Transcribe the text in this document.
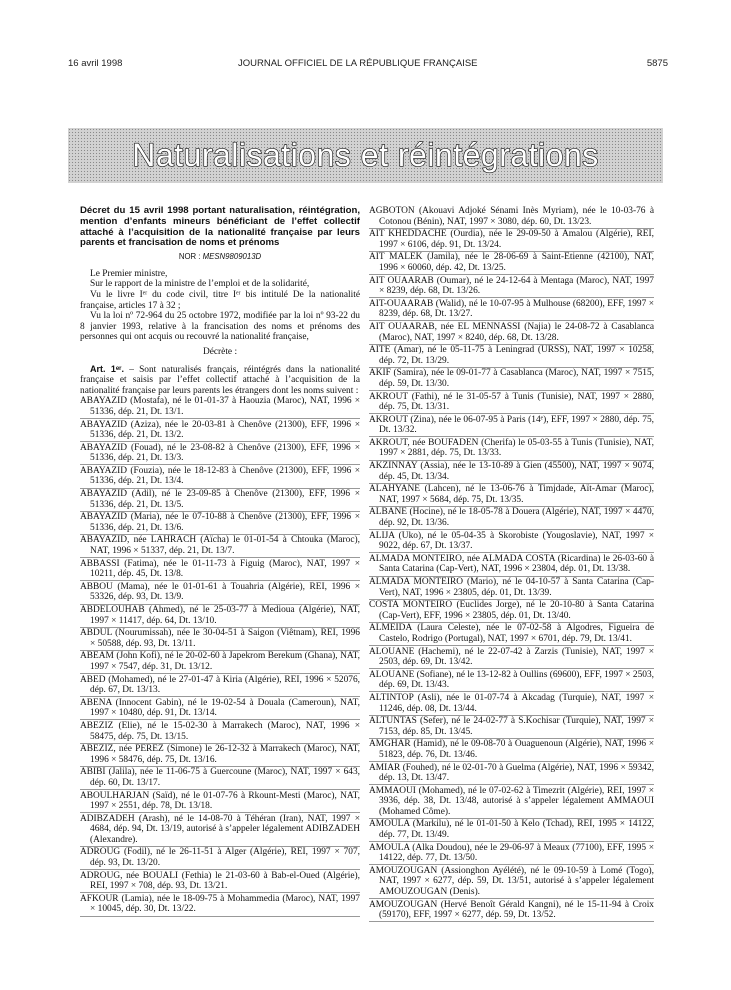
16 avril 1998	JOURNAL OFFICIEL DE LA RÉPUBLIQUE FRANÇAISE	5875
Naturalisations et réintégrations

Décret du 15 avril 1998 portant naturalisation, réintégration, mention d’enfants mineurs bénéficiant de l’effet collectif attaché à l’acquisition de la nationalité française par leurs parents et francisation de noms et prénoms

NOR : MESN9809013D

Le Premier ministre,

Sur le rapport de la ministre de l’emploi et de la solidarité,

Vu le livre Iᵉʳ du code civil, titre Iᵉʳ bis intitulé De la nationalité française, articles 17 à 32 ;

Vu la loi nº 72-964 du 25 octobre 1972, modifiée par la loi nº 93-22 du 8 janvier 1993, relative à la francisation des noms et prénoms des personnes qui ont acquis ou recouvré la nationalité française,

Décrète :

Art. 1ᵉʳ. – Sont naturalisés français, réintégrés dans la nationalité française et saisis par l’effet collectif attaché à l’acquisition de la nationalité française par leurs parents les étrangers dont les noms suivent :

ABAYAZID (Mostafa), né le 01-01-37 à Haouzia (Maroc), NAT, 1996 × 51336, dép. 21, Dt. 13/1.

ABAYAZID (Aziza), née le 20-03-81 à Chenôve (21300), EFF, 1996 × 51336, dép. 21, Dt. 13/2.

ABAYAZID (Fouad), né le 23-08-82 à Chenôve (21300), EFF, 1996 × 51336, dép. 21, Dt. 13/3.

ABAYAZID (Fouzia), née le 18-12-83 à Chenôve (21300), EFF, 1996 × 51336, dép. 21, Dt. 13/4.

ABAYAZID (Adil), né le 23-09-85 à Chenôve (21300), EFF, 1996 × 51336, dép. 21, Dt. 13/5.

ABAYAZID (Maria), née le 07-10-88 à Chenôve (21300), EFF, 1996 × 51336, dép. 21, Dt. 13/6.

ABAYAZID, née LAHRACH (Aïcha) le 01-01-54 à Chtouka (Maroc), NAT, 1996 × 51337, dép. 21, Dt. 13/7.

ABBASSI (Fatima), née le 01-11-73 à Figuig (Maroc), NAT, 1997 × 10211, dép. 45, Dt. 13/8.

ABBOU (Mama), née le 01-01-61 à Touahria (Algérie), REI, 1996 × 53326, dép. 93, Dt. 13/9.

ABDELOUHAB (Ahmed), né le 25-03-77 à Medioua (Algérie), NAT, 1997 × 11417, dép. 64, Dt. 13/10.

ABDUL (Nourumissah), née le 30-04-51 à Saigon (Viêtnam), REI, 1996 × 50588, dép. 93, Dt. 13/11.

ABEAM (John Kofi), né le 20-02-60 à Japekrom Berekum (Ghana), NAT, 1997 × 7547, dép. 31, Dt. 13/12.

ABED (Mohamed), né le 27-01-47 à Kiria (Algérie), REI, 1996 × 52076, dép. 67, Dt. 13/13.

ABENA (Innocent Gabin), né le 19-02-54 à Douala (Cameroun), NAT, 1997 × 10480, dép. 91, Dt. 13/14.

ABEZIZ (Elie), né le 15-02-30 à Marrakech (Maroc), NAT, 1996 × 58475, dép. 75, Dt. 13/15.

ABEZIZ, née PEREZ (Simone) le 26-12-32 à Marrakech (Maroc), NAT, 1996 × 58476, dép. 75, Dt. 13/16.

ABIBI (Jalila), née le 11-06-75 à Guercoune (Maroc), NAT, 1997 × 643, dép. 60, Dt. 13/17.

ABOULHARJAN (Saïd), né le 01-07-76 à Rkount-Mesti (Maroc), NAT, 1997 × 2551, dép. 78, Dt. 13/18.

ADIBZADEH (Arash), né le 14-08-70 à Téhéran (Iran), NAT, 1997 × 4684, dép. 94, Dt. 13/19, autorisé à s’appeler légalement ADIBZADEH (Alexandre).

ADROUG (Fodil), né le 26-11-51 à Alger (Algérie), REI, 1997 × 707, dép. 93, Dt. 13/20.

ADROUG, née BOUALI (Fethia) le 21-03-60 à Bab-el-Oued (Algérie), REI, 1997 × 708, dép. 93, Dt. 13/21.

AFKOUR (Lamia), née le 18-09-75 à Mohammedia (Maroc), NAT, 1997 × 10045, dép. 30, Dt. 13/22.

AGBOTON (Akouavi Adjoké Sénami Inès Myriam), née le 10-03-76 à Cotonou (Bénin), NAT, 1997 × 3080, dép. 60, Dt. 13/23.

AIT KHEDDACHE (Ourdia), née le 29-09-50 à Amalou (Algérie), REI, 1997 × 6106, dép. 91, Dt. 13/24.

AIT MALEK (Jamila), née le 28-06-69 à Saint-Etienne (42100), NAT, 1996 × 60060, dép. 42, Dt. 13/25.

AIT OUAARAB (Oumar), né le 24-12-64 à Mentaga (Maroc), NAT, 1997 × 8239, dép. 68, Dt. 13/26.

AIT-OUAARAB (Walid), né le 10-07-95 à Mulhouse (68200), EFF, 1997 × 8239, dép. 68, Dt. 13/27.

AIT OUAARAB, née EL MENNASSI (Najia) le 24-08-72 à Casablanca (Maroc), NAT, 1997 × 8240, dép. 68, Dt. 13/28.

AITE (Amar), né le 05-11-75 à Leningrad (URSS), NAT, 1997 × 10258, dép. 72, Dt. 13/29.

AKIF (Samira), née le 09-01-77 à Casablanca (Maroc), NAT, 1997 × 7515, dép. 59, Dt. 13/30.

AKROUT (Fathi), né le 31-05-57 à Tunis (Tunisie), NAT, 1997 × 2880, dép. 75, Dt. 13/31.

AKROUT (Zina), née le 06-07-95 à Paris (14ᵉ), EFF, 1997 × 2880, dép. 75, Dt. 13/32.

AKROUT, née BOUFADEN (Cherifa) le 05-03-55 à Tunis (Tunisie), NAT, 1997 × 2881, dép. 75, Dt. 13/33.

AKZINNAY (Assia), née le 13-10-89 à Gien (45500), NAT, 1997 × 9074, dép. 45, Dt. 13/34.

ALAHYANE (Lahcen), né le 13-06-76 à Timjdade, Aït-Amar (Maroc), NAT, 1997 × 5684, dép. 75, Dt. 13/35.

ALBANE (Hocine), né le 18-05-78 à Douera (Algérie), NAT, 1997 × 4470, dép. 92, Dt. 13/36.

ALIJA (Uko), né le 05-04-35 à Skorobiste (Yougoslavie), NAT, 1997 × 9022, dép. 67, Dt. 13/37.

ALMADA MONTEIRO, née ALMADA COSTA (Ricardina) le 26-03-60 à Santa Catarina (Cap-Vert), NAT, 1996 × 23804, dép. 01, Dt. 13/38.

ALMADA MONTEIRO (Mario), né le 04-10-57 à Santa Catarina (Cap-Vert), NAT, 1996 × 23805, dép. 01, Dt. 13/39.

COSTA MONTEIRO (Euclides Jorge), né le 20-10-80 à Santa Catarina (Cap-Vert), EFF, 1996 × 23805, dép. 01, Dt. 13/40.

ALMEIDA (Laura Celeste), née le 07-02-58 à Algodres, Figueira de Castelo, Rodrigo (Portugal), NAT, 1997 × 6701, dép. 79, Dt. 13/41.

ALOUANE (Hachemi), né le 22-07-42 à Zarzis (Tunisie), NAT, 1997 × 2503, dép. 69, Dt. 13/42.

ALOUANE (Sofiane), né le 13-12-82 à Oullins (69600), EFF, 1997 × 2503, dép. 69, Dt. 13/43.

ALTINTOP (Asli), née le 01-07-74 à Akcadag (Turquie), NAT, 1997 × 11246, dép. 08, Dt. 13/44.

ALTUNTAS (Sefer), né le 24-02-77 à S.Kochisar (Turquie), NAT, 1997 × 7153, dép. 85, Dt. 13/45.

AMGHAR (Hamid), né le 09-08-70 à Ouaguenoun (Algérie), NAT, 1996 × 51823, dép. 76, Dt. 13/46.

AMIAR (Fouhed), né le 02-01-70 à Guelma (Algérie), NAT, 1996 × 59342, dép. 13, Dt. 13/47.

AMMAOUI (Mohamed), né le 07-02-62 à Timezrit (Algérie), REI, 1997 × 3936, dép. 38, Dt. 13/48, autorisé à s’appeler légalement AMMAOUI (Mohamed Côme).

AMOULA (Markilu), né le 01-01-50 à Kelo (Tchad), REI, 1995 × 14122, dép. 77, Dt. 13/49.

AMOULA (Alka Doudou), née le 29-06-97 à Meaux (77100), EFF, 1995 × 14122, dép. 77, Dt. 13/50.

AMOUZOUGAN (Assionghon Ayélété), né le 09-10-59 à Lomé (Togo), NAT, 1997 × 6277, dép. 59, Dt. 13/51, autorisé à s’appeler légalement AMOUZOUGAN (Denis).

AMOUZOUGAN (Hervé Benoît Gérald Kangni), né le 15-11-94 à Croix (59170), EFF, 1997 × 6277, dép. 59, Dt. 13/52.
